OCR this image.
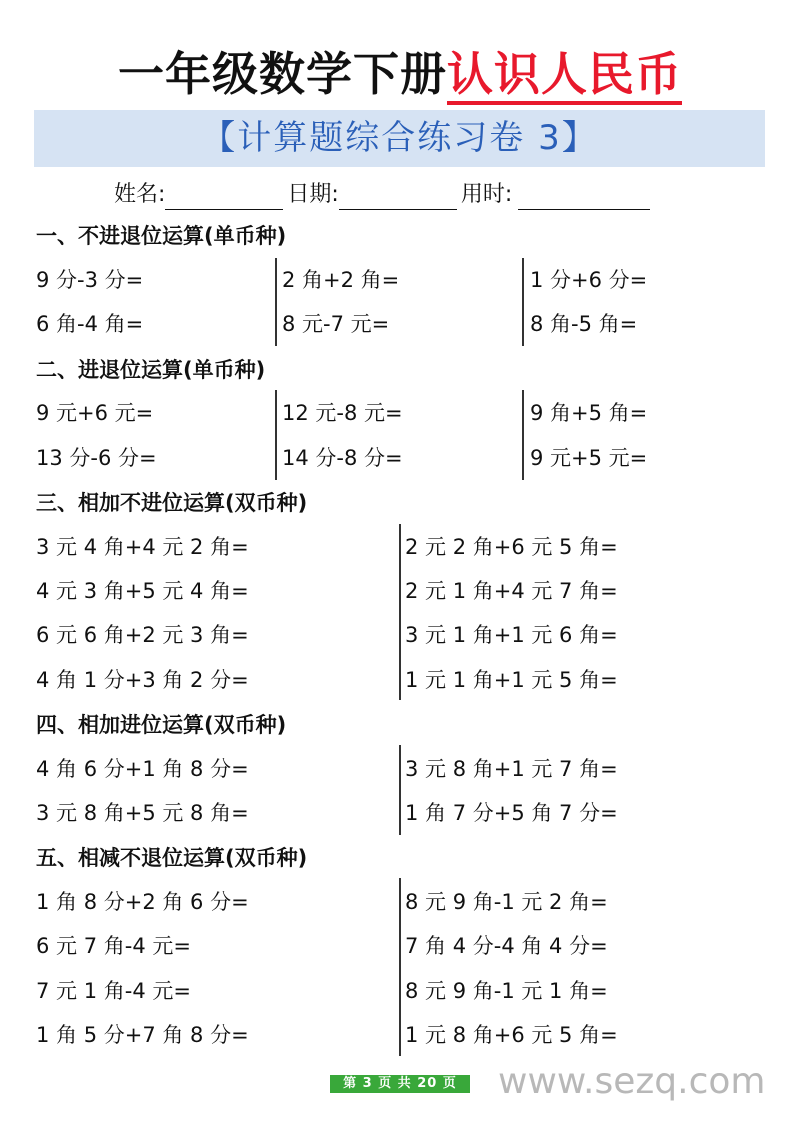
一年级数学下册认识人民币
【计算题综合练习卷 3】
姓名:	日期:	用时:
一、不进退位运算(单币种)
9 分-3 分=	2 角+2 角=	1 分+6 分=
6 角-4 角=	8 元-7 元=	8 角-5 角=
二、进退位运算(单币种)
9 元+6 元=	12 元-8 元=	9 角+5 角=
13 分-6 分=	14 分-8 分=	9 元+5 元=
三、相加不进位运算(双币种)
3 元 4 角+4 元 2 角=	2 元 2 角+6 元 5 角=
4 元 3 角+5 元 4 角=	2 元 1 角+4 元 7 角=
6 元 6 角+2 元 3 角=	3 元 1 角+1 元 6 角=
4 角 1 分+3 角 2 分=	1 元 1 角+1 元 5 角=
四、相加进位运算(双币种)
4 角 6 分+1 角 8 分=	3 元 8 角+1 元 7 角=
3 元 8 角+5 元 8 角=	1 角 7 分+5 角 7 分=
五、相减不退位运算(双币种)
1 角 8 分+2 角 6 分=	8 元 9 角-1 元 2 角=
6 元 7 角-4 元=	7 角 4 分-4 角 4 分=
7 元 1 角-4 元=	8 元 9 角-1 元 1 角=
1 角 5 分+7 角 8 分=	1 元 8 角+6 元 5 角=
第 3 页 共 20 页	www.sezq.com
